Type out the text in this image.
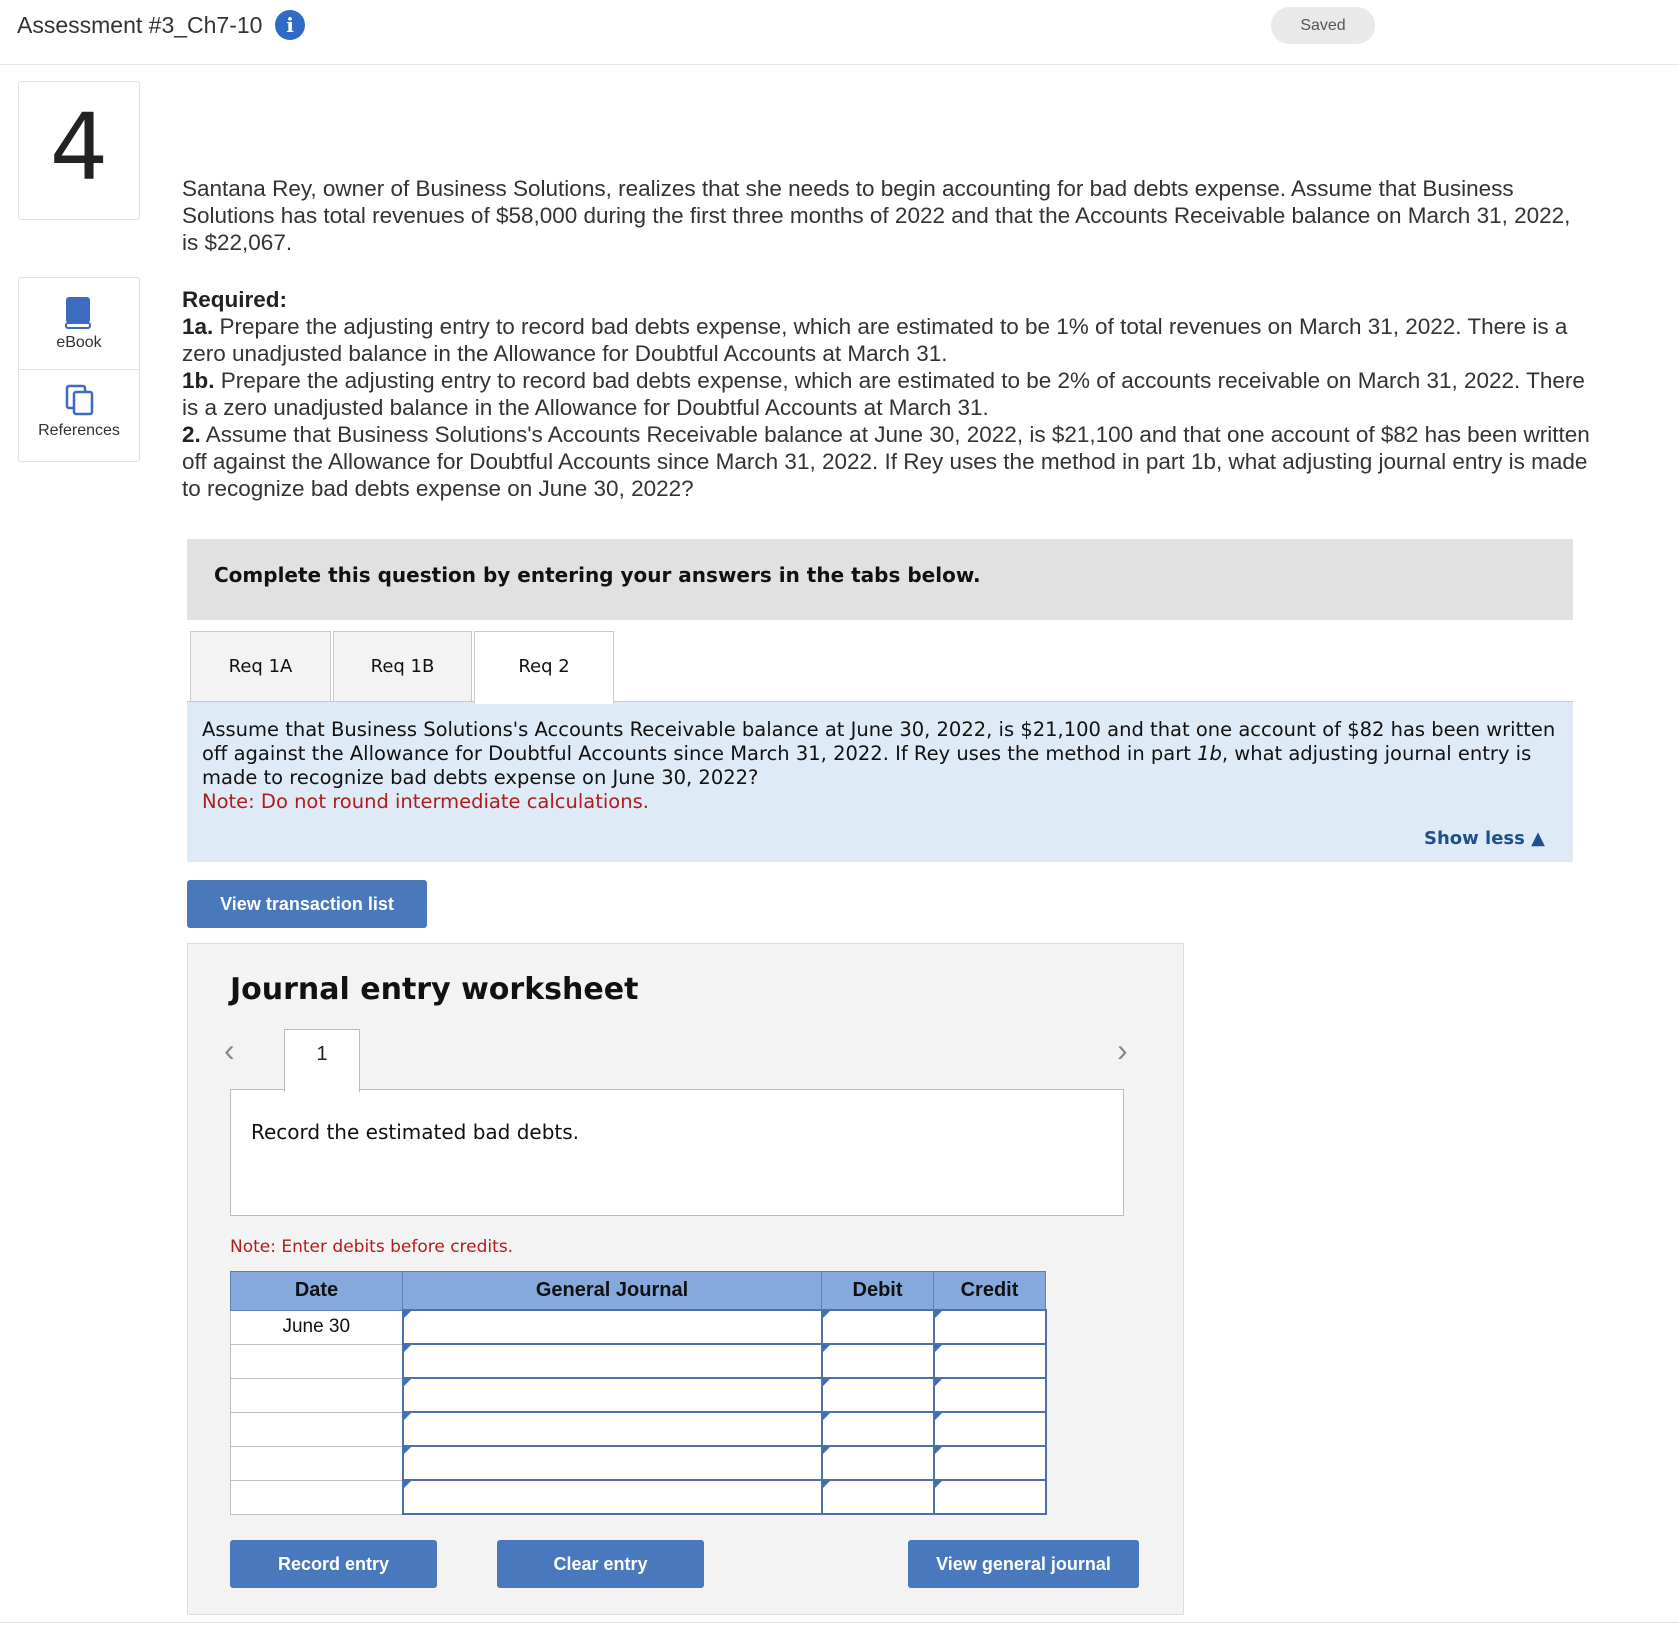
Assessment #3_Ch7-10	i	Saved
4
eBook
References
Santana Rey, owner of Business Solutions, realizes that she needs to begin accounting for bad debts expense. Assume that Business Solutions has total revenues of $58,000 during the first three months of 2022 and that the Accounts Receivable balance on March 31, 2022, is $22,067.
Required:
1a. Prepare the adjusting entry to record bad debts expense, which are estimated to be 1% of total revenues on March 31, 2022. There is a zero unadjusted balance in the Allowance for Doubtful Accounts at March 31.
1b. Prepare the adjusting entry to record bad debts expense, which are estimated to be 2% of accounts receivable on March 31, 2022. There is a zero unadjusted balance in the Allowance for Doubtful Accounts at March 31.
2. Assume that Business Solutions's Accounts Receivable balance at June 30, 2022, is $21,100 and that one account of $82 has been written off against the Allowance for Doubtful Accounts since March 31, 2022. If Rey uses the method in part 1b, what adjusting journal entry is made to recognize bad debts expense on June 30, 2022?
Complete this question by entering your answers in the tabs below.
Req 1A	Req 1B	Req 2
Assume that Business Solutions's Accounts Receivable balance at June 30, 2022, is $21,100 and that one account of $82 has been written off against the Allowance for Doubtful Accounts since March 31, 2022. If Rey uses the method in part 1b, what adjusting journal entry is made to recognize bad debts expense on June 30, 2022?
Note: Do not round intermediate calculations.
Show less ▲
View transaction list
Journal entry worksheet
‹	1	›
Record the estimated bad debts.
Note: Enter debits before credits.
Date	General Journal	Debit	Credit
June 30			

Record entry	Clear entry	View general journal
